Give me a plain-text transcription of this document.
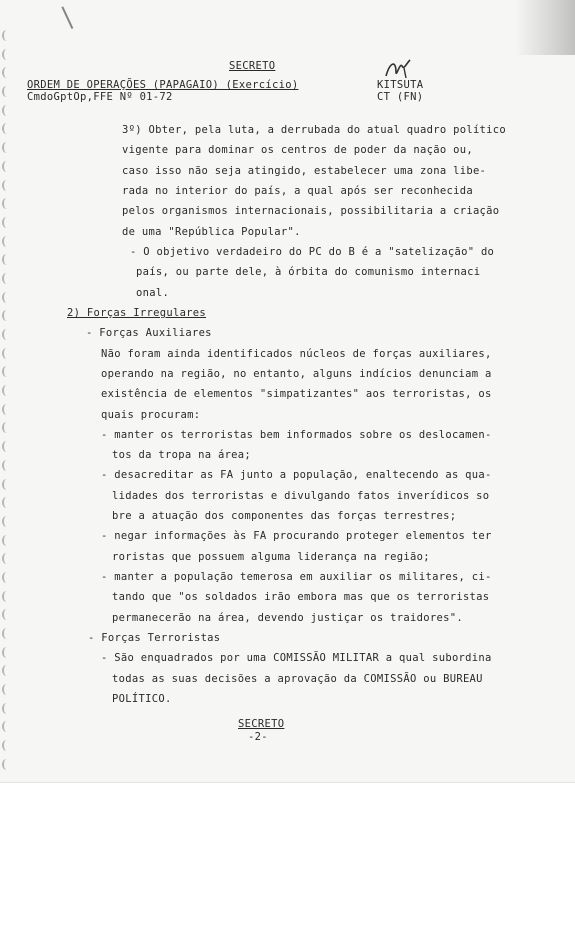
SECRETO
ORDEM DE OPERAÇÕES (PAPAGAIO) (Exercício)
CmdoGptOp,FFE Nº 01-72
KITSUTA
CT (FN)
3º) Obter, pela luta, a derrubada do atual quadro político
vigente para dominar os centros de poder da nação ou,
caso isso não seja atingido, estabelecer uma zona libe-
rada no interior do país, a qual após ser reconhecida
pelos organismos internacionais, possibilitaria a criação
de uma "República Popular".
- O objetivo verdadeiro do PC do B é a "satelização" do
país, ou parte dele, à órbita do comunismo internaci
onal.
2) Forças Irregulares
- Forças Auxiliares
Não foram ainda identificados núcleos de forças auxiliares,
operando na região, no entanto, alguns indícios denunciam a
existência de elementos "simpatizantes" aos terroristas, os
quais procuram:
- manter os terroristas bem informados sobre os deslocamen-
tos da tropa na área;
- desacreditar as FA junto a população, enaltecendo as qua-
lidades dos terroristas e divulgando fatos inverídicos so
bre a atuação dos componentes das forças terrestres;
- negar informações às FA procurando proteger elementos ter
roristas que possuem alguma liderança na região;
- manter a população temerosa em auxiliar os militares, ci-
tando que "os soldados irão embora mas que os terroristas
permanecerão na área, devendo justiçar os traidores".
- Forças Terroristas
- São enquadrados por uma COMISSÃO MILITAR a qual subordina
todas as suas decisões a aprovação da COMISSÃO ou BUREAU
POLÍTICO.
SECRETO
-2-
